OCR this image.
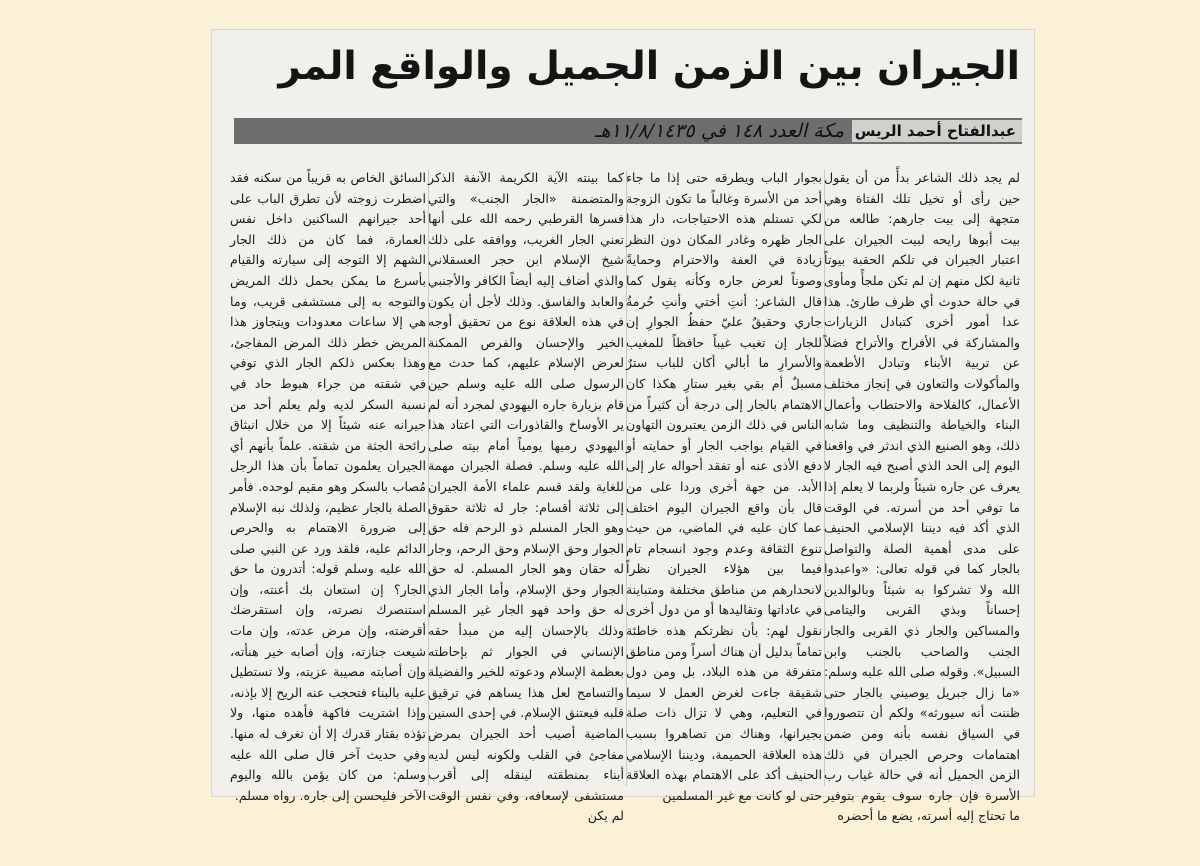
الجيران بين الزمن الجميل والواقع المر
مكة العدد ١٤٨ في ١١/٨/١٤٣٥هـ عبدالفتاح أحمد الريس

لم يجد ذلك الشاعر بدأً من أن يقول حين رأى أو تخيل تلك الفتاة وهي متجهة إلى بيت جارهم: طالعه من بيت أبوها رايحه لبيت الجيران على اعتبار الجيران في تلكم الحقبة بيوتاً ثانية لكل منهم إن لم تكن ملجأً ومأوى في حالة حدوث أي ظرف طارئ. هذا عدا أمور أخرى كتبادل الزيارات والمشاركة في الأفراح والأتراح فضلاً عن تربية الأبناء وتبادل الأطعمة والمأكولات والتعاون في إنجاز مختلف الأعمال، كالفلاحة والاحتطاب وأعمال البناء والخياطة والتنظيف وما شابه ذلك، وهو الصنيع الذي اندثر في واقعنا اليوم إلى الحد الذي أصبح فيه الجار لا يعرف عن جاره شيئاً ولربما لا يعلم إذا ما توفي أحد من أسرته. في الوقت الذي أكد فيه ديننا الإسلامي الحنيف على مدى أهمية الصلة والتواصل بالجار كما في قوله تعالى: «واعبدوا الله ولا تشركوا به شيئاً وبالوالدين إحساناً وبذي القربى واليتامى والمساكين والجار ذي القربى والجار الجنب والصاحب بالجنب وابن السبيل». وقوله صلى الله عليه وسلم: «ما زال جبريل يوصيني بالجار حتى ظننت أنه سيورثه» ولكم أن تتصوروا في السياق نفسه بأنه ومن ضمن اهتمامات وحرص الجيران في ذلك الزمن الجميل أنه في حالة غياب رب الأسرة فإن جاره سوف يقوم بتوفير ما تحتاج إليه أسرته، يضع ما أحضره

بجوار الباب ويطرقه حتى إذا ما جاء أحد من الأسرة وغالباً ما تكون الزوجة لكي تستلم هذه الاحتياجات، دار هذا الجار ظهره وغادر المكان دون النظر زيادة في العفة والاحترام وحمايةً وصوناً لعرض جاره وكأنه يقول كما قال الشاعر: أنتِ أختي وأنتِ حُرمةُ جاري وحقيقٌ عليّ حفظُ الجوارِ إن للجار إن تغيب غيباً حافظاً للمغيب والأسرارِ ما أبالي أكان للباب سترٌ مسبلٌ أم بقي بغير ستارِ هكذا كان الاهتمام بالجار إلى درجة أن كثيراً من الناس في ذلك الزمن يعتبرون التهاون في القيام بواجب الجار أو حمايته أو دفع الأذى عنه أو تفقد أحواله عار إلى الأبد. من جهة أخرى وردا على من قال بأن واقع الجيران اليوم اختلف عما كان عليه في الماضي، من حيث تنوع الثقافة وعدم وجود انسجام تام فيما بين هؤلاء الجيران نظراً لانحدارهم من مناطق مختلفة ومتباينة في عاداتها وتقاليدها أو من دول أخرى نقول لهم: بأن نظرتكم هذه خاطئة تماماً بدليل أن هناك أسراً ومن مناطق متفرقة من هذه البلاد، بل ومن دول شقيقة جاءت لغرض العمل لا سيما في التعليم، وهي لا تزال ذات صلة بجيرانها، وهناك من تصاهروا بسبب هذه العلاقة الحميمة، وديننا الإسلامي الحنيف أكد على الاهتمام بهذه العلاقة حتى لو كانت مع غير المسلمين

كما بينته الآية الكريمة الآنفة الذكر والمتضمنة «الجار الجنب» والتي فسرها القرطبي رحمه الله على أنها تعني الجار الغريب، ووافقه على ذلك شيخ الإسلام ابن حجر العسقلاني والذي أضاف إليه أيضاً الكافر والأجنبي والعابد والفاسق. وذلك لأجل أن يكون في هذه العلاقة نوع من تحقيق أوجه الخير والإحسان والفرص الممكنة لعرض الإسلام عليهم، كما حدث مع الرسول صلى الله عليه وسلم حين قام بزيارة جاره اليهودي لمجرد أنه لم ير الأوساخ والقاذورات التي اعتاد هذا اليهودي رميها يومياً أمام بيته صلى الله عليه وسلم. فصلة الجيران مهمة للغاية ولقد قسم علماء الأمة الجيران إلى ثلاثة أقسام: جار له ثلاثة حقوق وهو الجار المسلم ذو الرحم فله حق الجوار وحق الإسلام وحق الرحم، وجار له حقان وهو الجار المسلم. له حق الجوار وحق الإسلام، وأما الجار الذي له حق واحد فهو الجار غير المسلم وذلك بالإحسان إليه من مبدأ حقه الإنساني في الجوار ثم بإحاطته بعظمة الإسلام ودعوته للخير والفضيلة والتسامح لعل هذا يساهم في ترقيق قلبه فيعتنق الإسلام. في إحدى السنين الماضية أصيب أحد الجيران بمرض مفاجئ في القلب ولكونه ليس لديه أبناء بمنطقته لينقله إلى أقرب مستشفى لإسعافه، وفي نفس الوقت لم يكن

السائق الخاص به قريباً من سكنه فقد اضطرت زوجته لأن تطرق الباب على أحد جيرانهم الساكنين داخل نفس العمارة، فما كان من ذلك الجار الشهم إلا التوجه إلى سيارته والقيام بأسرع ما يمكن بحمل ذلك المريض والتوجه به إلى مستشفى قريب، وما هي إلا ساعات معدودات ويتجاوز هذا المريض خطر ذلك المرض المفاجئ، وهذا بعكس ذلكم الجار الذي توفي في شقته من جراء هبوط حاد في نسبة السكر لديه ولم يعلم أحد من جيرانه عنه شيئاً إلا من خلال انبثاق رائحة الجثة من شقته. علماً بأنهم أي الجيران يعلمون تماماً بأن هذا الرجل مُصاب بالسكر وهو مقيم لوحده. فأمر الصلة بالجار عظيم، ولذلك نبه الإسلام إلى ضرورة الاهتمام به والحرص الدائم عليه، فلقد ورد عن النبي صلى الله عليه وسلم قوله: أتدرون ما حق الجار؟ إن استعان بك أعنته، وإن استنصرك نصرته، وإن استقرضك أقرضته، وإن مرض عدته، وإن مات شيعت جنازته، وإن أصابه خير هنأته، وإن أصابته مصيبة عزيته، ولا تستطيل عليه بالبناء فتحجب عنه الريح إلا بإذنه، وإذا اشتريت فاكهة فأهده منها، ولا تؤذه بقتار قدرك إلا أن تغرف له منها. وفي حديث آخر قال صلى الله عليه وسلم: من كان يؤمن بالله واليوم الآخر فليحسن إلى جاره. رواه مسلم.
